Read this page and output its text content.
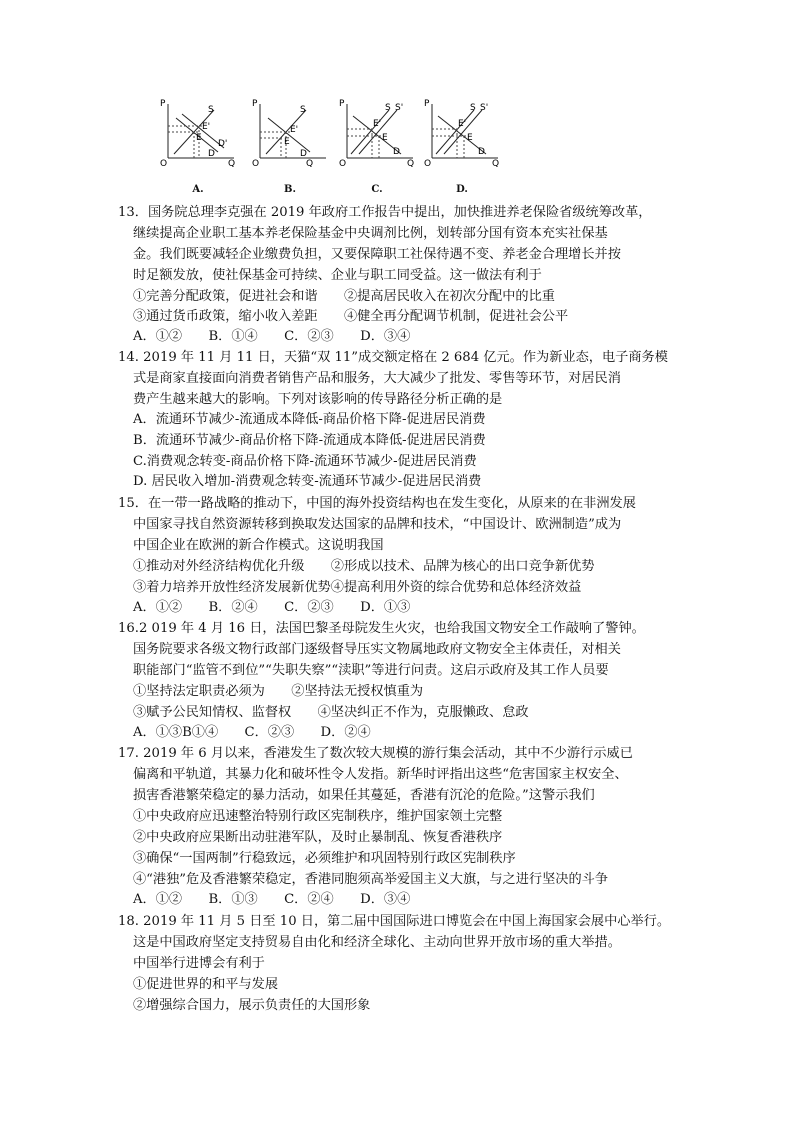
P
S
E'
E
D'
D
O	Q
A.
P
S
E'
E
D
O	Q
B.
P	S S'
E'
E
D
O	Q
C.
P	S S'
E'
E
D
O	Q
D.
13．国务院总理李克强在 2019 年政府工作报告中提出，加快推进养老保险省级统筹改革，
继续提高企业职工基本养老保险基金中央调剂比例，划转部分国有资本充实社保基
金。我们既要减轻企业缴费负担，又要保障职工社保待遇不变、养老金合理增长并按
时足额发放，使社保基金可持续、企业与职工同受益。这一做法有利于
①完善分配政策，促进社会和谐　　②提高居民收入在初次分配中的比重
③通过货币政策，缩小收入差距　　④健全再分配调节机制，促进社会公平
A．①②　　B．①④　　C．②③　　D．③④
14. 2019 年 11 月 11 日，天猫“双 11”成交额定格在 2 684 亿元。作为新业态，电子商务模
式是商家直接面向消费者销售产品和服务，大大减少了批发、零售等环节，对居民消
费产生越来越大的影响。下列对该影响的传导路径分析正确的是
A．流通环节减少-流通成本降低-商品价格下降-促进居民消费
B．流通环节减少-商品价格下降-流通成本降低-促进居民消费
C.消费观念转变-商品价格下降-流通环节减少-促进居民消费
D. 居民收入增加-消费观念转变-流通环节减少-促进居民消费
15．在一带一路战略的推动下，中国的海外投资结构也在发生变化，从原来的在非洲发展
中国家寻找自然资源转移到换取发达国家的品牌和技术，“中国设计、欧洲制造”成为
中国企业在欧洲的新合作模式。这说明我国
①推动对外经济结构优化升级　　②形成以技术、品牌为核心的出口竞争新优势
③着力培养开放性经济发展新优势④提高利用外资的综合优势和总体经济效益
A．①②　　B．②④　　C．②③　　D．①③
16.2 019 年 4 月 16 日，法国巴黎圣母院发生火灾，也给我国文物安全工作敲响了警钟。
国务院要求各级文物行政部门逐级督导压实文物属地政府文物安全主体责任，对相关
职能部门“监管不到位”“失职失察”“渎职”等进行问责。这启示政府及其工作人员要
①坚持法定职责必须为　　②坚持法无授权慎重为
③赋予公民知情权、监督权　　④坚决纠正不作为，克服懒政、怠政
A．①③B①④　　C．②③　　D．②④
17. 2019 年 6 月以来，香港发生了数次较大规模的游行集会活动，其中不少游行示威已
偏离和平轨道，其暴力化和破坏性令人发指。新华时评指出这些“危害国家主权安全、
损害香港繁荣稳定的暴力活动，如果任其蔓延，香港有沉沦的危险。”这警示我们
①中央政府应迅速整治特别行政区宪制秩序，维护国家领土完整
②中央政府应果断出动驻港军队，及时止暴制乱、恢复香港秩序
③确保“一国两制”行稳致远，必须维护和巩固特别行政区宪制秩序
④“港独”危及香港繁荣稳定，香港同胞须高举爱国主义大旗，与之进行坚决的斗争
A．①②　　B．①③　　C．②④　　D．③④
18. 2019 年 11 月 5 日至 10 日，第二届中国国际进口博览会在中国上海国家会展中心举行。
这是中国政府坚定支持贸易自由化和经济全球化、主动向世界开放市场的重大举措。
中国举行进博会有利于
①促进世界的和平与发展
②增强综合国力，展示负责任的大国形象
